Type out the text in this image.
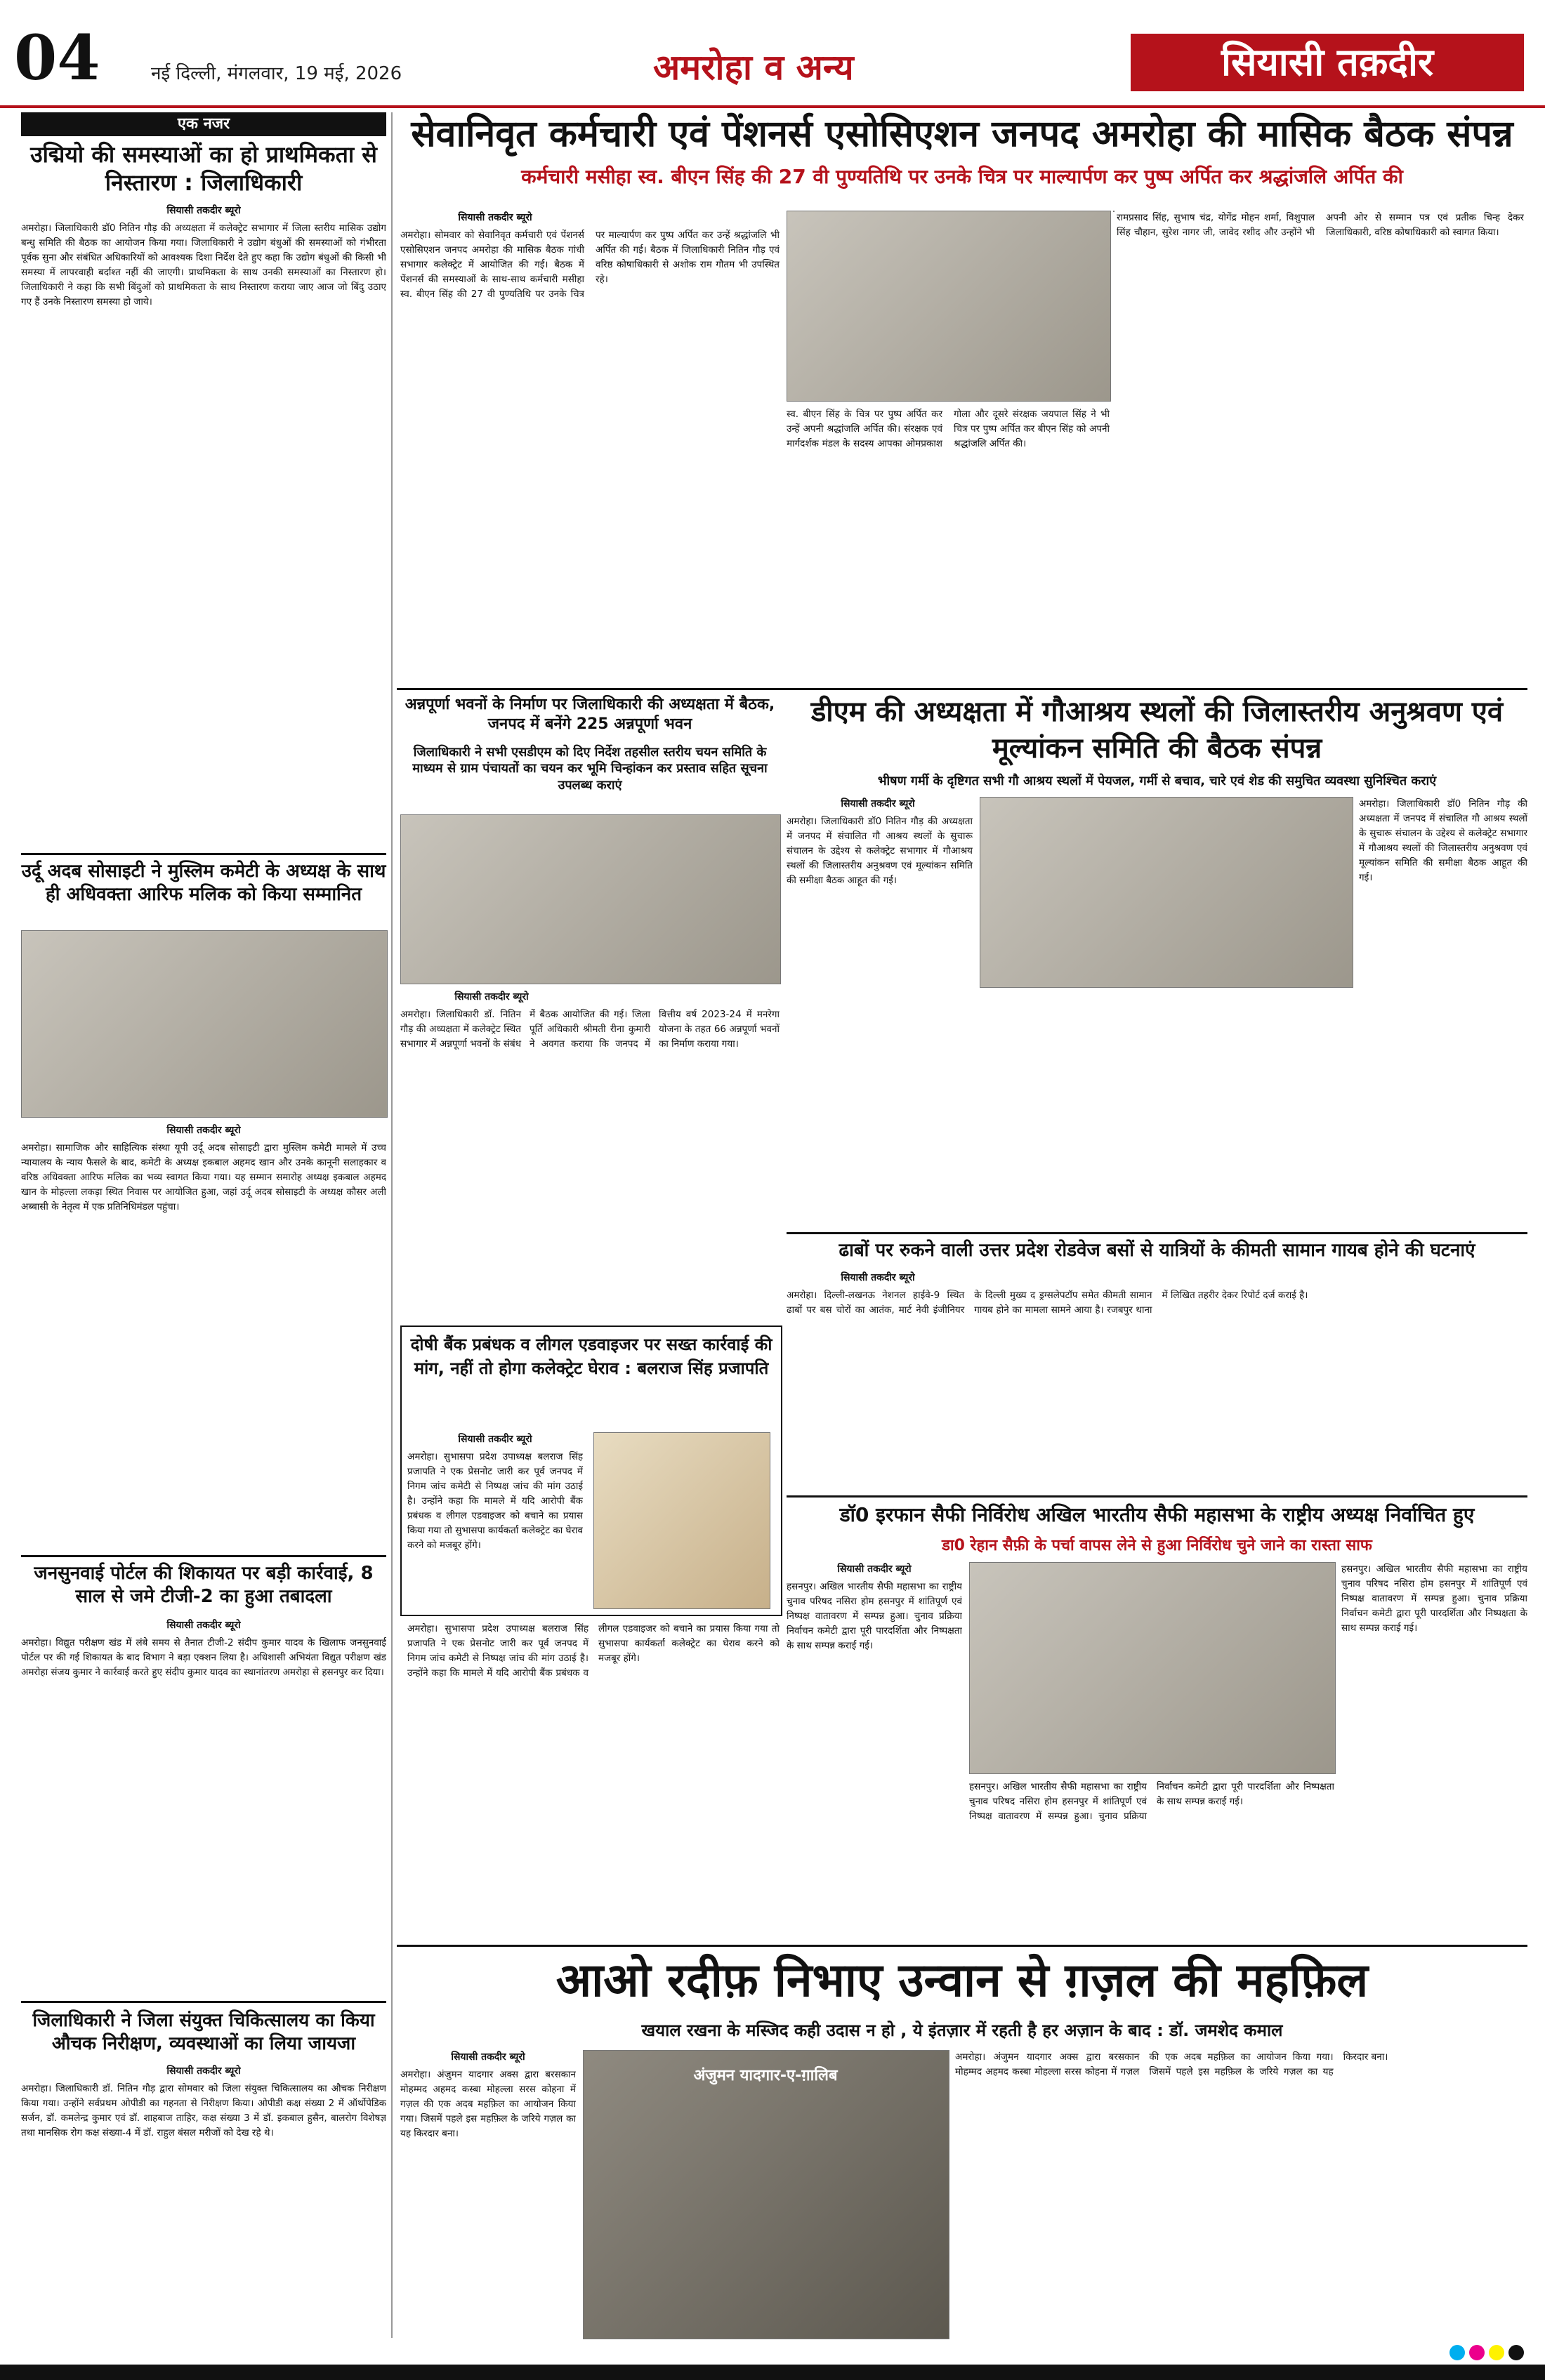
04	नई दिल्ली, मंगलवार, 19 मई, 2026	अमरोहा व अन्य	सियासी तक़दीर
एक नजर
उद्मियो की समस्याओं का हो प्राथमिकता से निस्तारण : जिलाधिकारी
सियासी तकदीर ब्यूरो
अमरोहा। जिलाधिकारी डॉ0 नितिन गौड़ की अध्यक्षता में कलेक्ट्रेट सभागार में जिला स्तरीय मासिक उद्योग बन्धु समिति की बैठक का आयोजन किया गया। जिलाधिकारी ने उद्योग बंधुओं की समस्याओं को गंभीरता पूर्वक सुना और संबंधित अधिकारियों को आवश्यक दिशा निर्देश देते हुए कहा कि उद्योग बंधुओं की किसी भी समस्या में लापरवाही बर्दाश्त नहीं की जाएगी। प्राथमिकता के साथ उनकी समस्याओं का निस्तारण हो। जिलाधिकारी ने कहा कि सभी बिंदुओं को प्राथमिकता के साथ निस्तारण कराया जाए आज जो बिंदु उठाए गए हैं उनके निस्तारण समस्या हो जाये।
उर्दू अदब सोसाइटी ने मुस्लिम कमेटी के अध्यक्ष के साथ ही अधिवक्ता आरिफ मलिक को किया सम्मानित
सियासी तकदीर ब्यूरो
अमरोहा। सामाजिक और साहित्यिक संस्था यूपी उर्दू अदब सोसाइटी द्वारा मुस्लिम कमेटी मामले में उच्च न्यायालय के न्याय फैसले के बाद, कमेटी के अध्यक्ष इकबाल अहमद खान और उनके कानूनी सलाहकार व वरिष्ठ अधिवक्ता आरिफ मलिक का भव्य स्वागत किया गया। यह सम्मान समारोह अध्यक्ष इकबाल अहमद खान के मोहल्ला लकड़ा स्थित निवास पर आयोजित हुआ, जहां उर्दू अदब सोसाइटी के अध्यक्ष कौसर अली अब्बासी के नेतृत्व में एक प्रतिनिधिमंडल पहुंचा।
जनसुनवाई पोर्टल की शिकायत पर बड़ी कार्रवाई, 8 साल से जमे टीजी-2 का हुआ तबादला
सियासी तकदीर ब्यूरो
अमरोहा। विद्युत परीक्षण खंड में लंबे समय से तैनात टीजी-2 संदीप कुमार यादव के खिलाफ जनसुनवाई पोर्टल पर की गई शिकायत के बाद विभाग ने बड़ा एक्शन लिया है। अधिशासी अभियंता विद्युत परीक्षण खंड अमरोहा संजय कुमार ने कार्रवाई करते हुए संदीप कुमार यादव का स्थानांतरण अमरोहा से हसनपुर कर दिया।
जिलाधिकारी ने जिला संयुक्त चिकित्सालय का किया औचक निरीक्षण, व्यवस्थाओं का लिया जायजा
सियासी तकदीर ब्यूरो
अमरोहा। जिलाधिकारी डॉ. नितिन गौड़ द्वारा सोमवार को जिला संयुक्त चिकित्सालय का औचक निरीक्षण किया गया। उन्होंने सर्वप्रथम ओपीडी का गहनता से निरीक्षण किया। ओपीडी कक्ष संख्या 2 में ऑर्थोपेडिक सर्जन, डॉ. कमलेन्द्र कुमार एवं डॉ. शाहबाज ताहिर, कक्ष संख्या 3 में डॉ. इकबाल हुसैन, बालरोग विशेषज्ञ तथा मानसिक रोग कक्ष संख्या-4 में डॉ. राहुल बंसल मरीजों को देख रहे थे।
सेवानिवृत कर्मचारी एवं पेंशनर्स एसोसिएशन जनपद अमरोहा की मासिक बैठक संपन्न
कर्मचारी मसीहा स्व. बीएन सिंह की 27 वी पुण्यतिथि पर उनके चित्र पर माल्यार्पण कर पुष्प अर्पित कर श्रद्धांजलि अर्पित की
सियासी तकदीर ब्यूरो
अमरोहा। सोमवार को सेवानिवृत कर्मचारी एवं पेंशनर्स एसोसिएशन जनपद अमरोहा की मासिक बैठक गांधी सभागार कलेक्ट्रेट में आयोजित की गई। बैठक में पेंशनर्स की समस्याओं के साथ-साथ कर्मचारी मसीहा स्व. बीएन सिंह की 27 वी पुण्यतिथि पर उनके चित्र पर माल्यार्पण कर पुष्प अर्पित कर उन्हें श्रद्धांजलि भी अर्पित की गई। बैठक में जिलाधिकारी नितिन गौड़ एवं वरिष्ठ कोषाधिकारी से अशोक राम गौतम भी उपस्थित रहे।
स्व. बीएन सिंह के चित्र पर पुष्प अर्पित कर उन्हें अपनी श्रद्धांजलि अर्पित की। संरक्षक एवं मार्गदर्शक मंडल के सदस्य आपका ओमप्रकाश गोला और दूसरे संरक्षक जयपाल सिंह ने भी चित्र पर पुष्प अर्पित कर बीएन सिंह को अपनी श्रद्धांजलि अर्पित की।
रामप्रसाद सिंह, सुभाष चंद्र, योगेंद्र मोहन शर्मा, विशुपाल सिंह चौहान, सुरेश नागर जी, जावेद रशीद और उन्होंने भी अपनी ओर से सम्मान पत्र एवं प्रतीक चिन्ह देकर जिलाधिकारी, वरिष्ठ कोषाधिकारी को स्वागत किया।
अन्नपूर्णा भवनों के निर्माण पर जिलाधिकारी की अध्यक्षता में बैठक, जनपद में बनेंगे 225 अन्नपूर्णा भवन
जिलाधिकारी ने सभी एसडीएम को दिए निर्देश तहसील स्तरीय चयन समिति के माध्यम से ग्राम पंचायतों का चयन कर भूमि चिन्हांकन कर प्रस्ताव सहित सूचना उपलब्ध कराएं
सियासी तकदीर ब्यूरो
अमरोहा। जिलाधिकारी डॉ. नितिन गौड़ की अध्यक्षता में कलेक्ट्रेट स्थित सभागार में अन्नपूर्णा भवनों के संबंध में बैठक आयोजित की गई। जिला पूर्ति अधिकारी श्रीमती रीना कुमारी ने अवगत कराया कि जनपद में वित्तीय वर्ष 2023-24 में मनरेगा योजना के तहत 66 अन्नपूर्णा भवनों का निर्माण कराया गया।
डीएम की अध्यक्षता में गौआश्रय स्थलों की जिलास्तरीय अनुश्रवण एवं मूल्यांकन समिति की बैठक संपन्न
भीषण गर्मी के दृष्टिगत सभी गौ आश्रय स्थलों में पेयजल, गर्मी से बचाव, चारे एवं शेड की समुचित व्यवस्था सुनिश्चित कराएं
सियासी तकदीर ब्यूरो
अमरोहा। जिलाधिकारी डॉ0 नितिन गौड़ की अध्यक्षता में जनपद में संचालित गौ आश्रय स्थलों के सुचारू संचालन के उद्देश्य से कलेक्ट्रेट सभागार में गौआश्रय स्थलों की जिलास्तरीय अनुश्रवण एवं मूल्यांकन समिति की समीक्षा बैठक आहूत की गई।
अमरोहा। जिलाधिकारी डॉ0 नितिन गौड़ की अध्यक्षता में जनपद में संचालित गौ आश्रय स्थलों के सुचारू संचालन के उद्देश्य से कलेक्ट्रेट सभागार में गौआश्रय स्थलों की जिलास्तरीय अनुश्रवण एवं मूल्यांकन समिति की समीक्षा बैठक आहूत की गई।
दोषी बैंक प्रबंधक व लीगल एडवाइजर पर सख्त कार्रवाई की मांग, नहीं तो होगा कलेक्ट्रेट घेराव : बलराज सिंह प्रजापति
सियासी तकदीर ब्यूरो
अमरोहा। सुभासपा प्रदेश उपाध्यक्ष बलराज सिंह प्रजापति ने एक प्रेसनोट जारी कर पूर्व जनपद में निगम जांच कमेटी से निष्पक्ष जांच की मांग उठाई है। उन्होंने कहा कि मामले में यदि आरोपी बैंक प्रबंधक व लीगल एडवाइजर को बचाने का प्रयास किया गया तो सुभासपा कार्यकर्ता कलेक्ट्रेट का घेराव करने को मजबूर होंगे।
अमरोहा। सुभासपा प्रदेश उपाध्यक्ष बलराज सिंह प्रजापति ने एक प्रेसनोट जारी कर पूर्व जनपद में निगम जांच कमेटी से निष्पक्ष जांच की मांग उठाई है। उन्होंने कहा कि मामले में यदि आरोपी बैंक प्रबंधक व लीगल एडवाइजर को बचाने का प्रयास किया गया तो सुभासपा कार्यकर्ता कलेक्ट्रेट का घेराव करने को मजबूर होंगे।
ढाबों पर रुकने वाली उत्तर प्रदेश रोडवेज बसों से यात्रियों के कीमती सामान गायब होने की घटनाएं
सियासी तकदीर ब्यूरो
अमरोहा। दिल्ली-लखनऊ नेशनल हाईवे-9 स्थित ढाबों पर बस चोरों का आतंक, मार्ट नेवी इंजीनियर के दिल्ली मुख्य द ड्रग्सलेपटॉप समेत कीमती सामान गायब होने का मामला सामने आया है। रजबपुर थाना में लिखित तहरीर देकर रिपोर्ट दर्ज कराई है।
डॉ0 इरफान सैफी निर्विरोध अखिल भारतीय सैफी महासभा के राष्ट्रीय अध्यक्ष निर्वाचित हुए
डा0 रेहान सैफ़ी के पर्चा वापस लेने से हुआ निर्विरोध चुने जाने का रास्ता साफ
सियासी तकदीर ब्यूरो
हसनपुर। अखिल भारतीय सैफी महासभा का राष्ट्रीय चुनाव परिषद नसिरा होम हसनपुर में शांतिपूर्ण एवं निष्पक्ष वातावरण में सम्पन्न हुआ। चुनाव प्रक्रिया निर्वाचन कमेटी द्वारा पूरी पारदर्शिता और निष्पक्षता के साथ सम्पन्न कराई गई।
हसनपुर। अखिल भारतीय सैफी महासभा का राष्ट्रीय चुनाव परिषद नसिरा होम हसनपुर में शांतिपूर्ण एवं निष्पक्ष वातावरण में सम्पन्न हुआ। चुनाव प्रक्रिया निर्वाचन कमेटी द्वारा पूरी पारदर्शिता और निष्पक्षता के साथ सम्पन्न कराई गई।
हसनपुर। अखिल भारतीय सैफी महासभा का राष्ट्रीय चुनाव परिषद नसिरा होम हसनपुर में शांतिपूर्ण एवं निष्पक्ष वातावरण में सम्पन्न हुआ। चुनाव प्रक्रिया निर्वाचन कमेटी द्वारा पूरी पारदर्शिता और निष्पक्षता के साथ सम्पन्न कराई गई।
आओ रदीफ़ निभाए उन्वान से ग़ज़ल की महफ़िल
खयाल रखना के मस्जिद कही उदास न हो , ये इंतज़ार में रहती है हर अज़ान के बाद : डॉ. जमशेद कमाल
सियासी तकदीर ब्यूरो
अमरोहा। अंजुमन यादगार अक्स द्वारा बरसकान मोहम्मद अहमद कस्बा मोहल्ला सरस कोहना में गज़ल की एक अदब महफ़िल का आयोजन किया गया। जिसमें पहले इस महफ़िल के जरिये गज़ल का यह किरदार बना।
अंजुमन यादगार-ए-ग़ालिब
अमरोहा। अंजुमन यादगार अक्स द्वारा बरसकान मोहम्मद अहमद कस्बा मोहल्ला सरस कोहना में गज़ल की एक अदब महफ़िल का आयोजन किया गया। जिसमें पहले इस महफ़िल के जरिये गज़ल का यह किरदार बना।
